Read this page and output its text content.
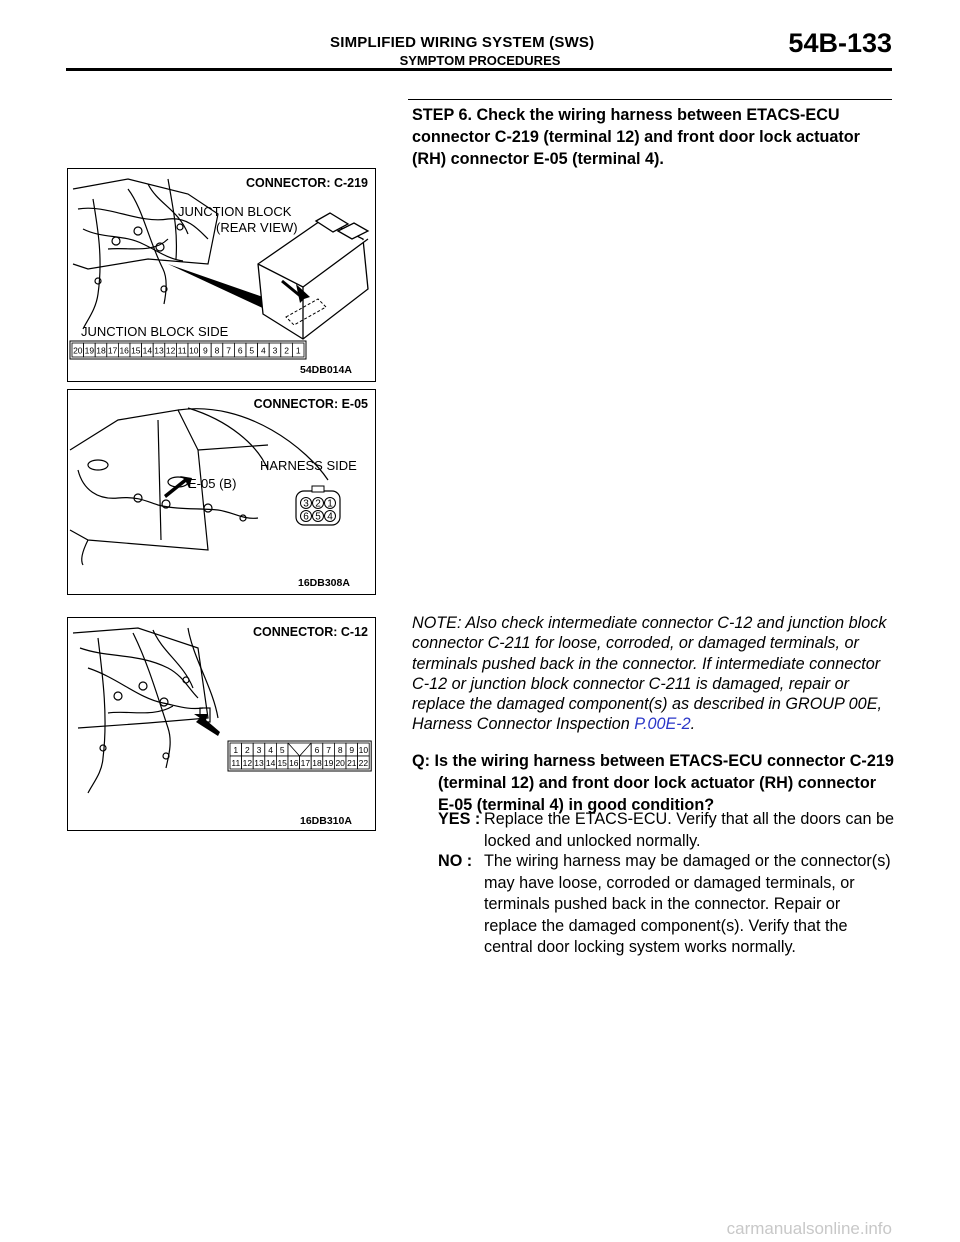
SIMPLIFIED WIRING SYSTEM (SWS)
SYMPTOM PROCEDURES
54B-133
STEP 6. Check the wiring harness between ETACS-ECU connector C-219 (terminal 12) and front door lock actuator (RH) connector E-05 (terminal 4).
CONNECTOR: C-219
JUNCTION BLOCK
(REAR VIEW)
JUNCTION BLOCK SIDE
20 19 18 17 16 15 14 13 12 11 10 9 8 7 6 5 4 3 2 1
54DB014A
CONNECTOR: E-05
HARNESS SIDE
E-05 (B)
3 2 1
6 5 4
16DB308A
CONNECTOR: C-12
1 2 3 4 5	6 7 8 9 10
11 12 13 14 15 16 17 18 19 20 21 22
16DB310A
NOTE: Also check intermediate connector C-12 and junction block connector C-211 for loose, corroded, or damaged terminals, or terminals pushed back in the connector. If intermediate connector C-12 or junction block connector C-211 is damaged, repair or replace the damaged component(s) as described in GROUP 00E, Harness Connector Inspection P.00E-2.
Q: Is the wiring harness between ETACS-ECU connector C-219 (terminal 12) and front door lock actuator (RH) connector E-05 (terminal 4) in good condition?
YES : Replace the ETACS-ECU. Verify that all the doors can be locked and unlocked normally.
NO : The wiring harness may be damaged or the connector(s) may have loose, corroded or damaged terminals, or terminals pushed back in the connector. Repair or replace the damaged component(s). Verify that the central door locking system works normally.
carmanualsonline.info
